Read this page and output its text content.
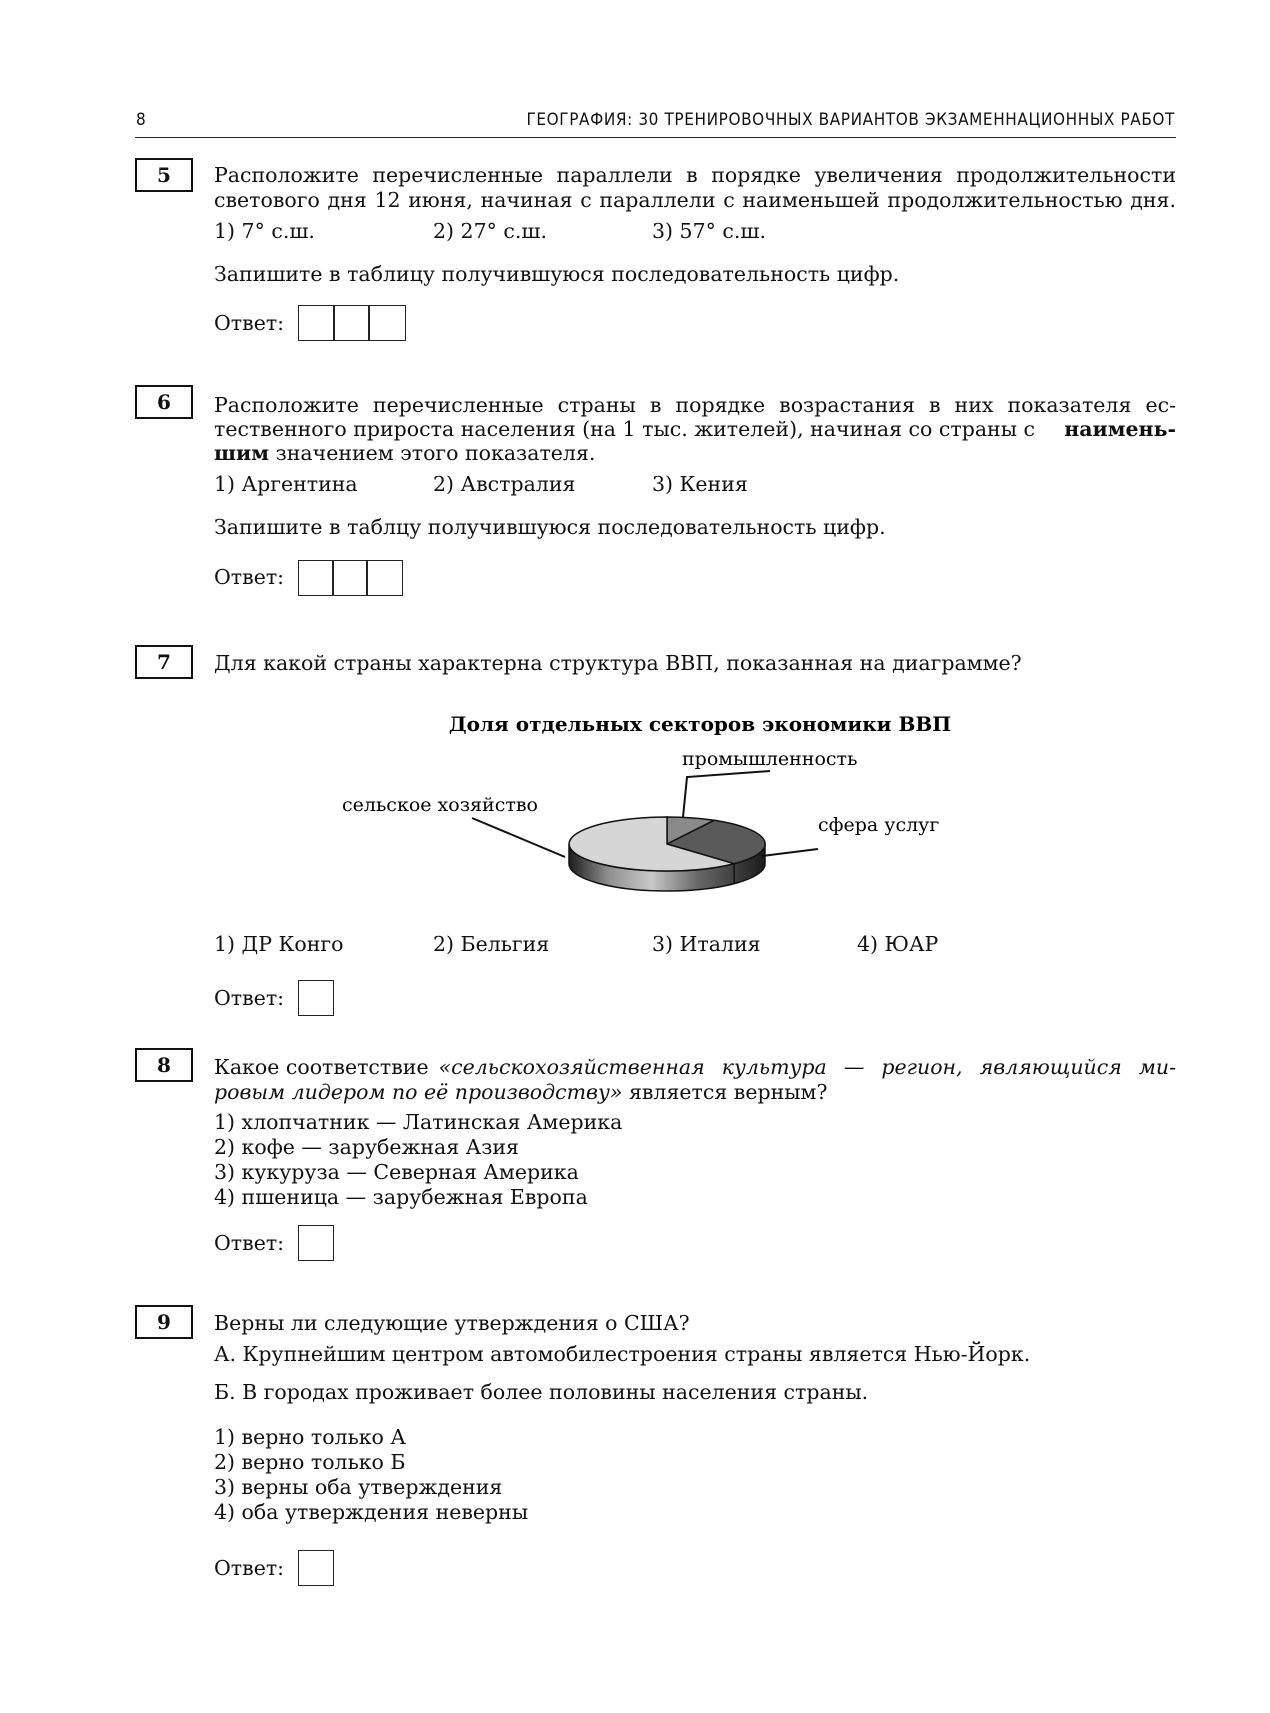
8	ГЕОГРАФИЯ: 30 ТРЕНИРОВОЧНЫХ ВАРИАНТОВ ЭКЗАМЕННАЦИОННЫХ РАБОТ
5	Расположите перечисленные параллели в порядке увеличения продолжительности
светового дня 12 июня, начиная с параллели с наименьшей продолжительностью дня.
1) 7° с.ш.	2) 27° с.ш.	3) 57° с.ш.
Запишите в таблицу получившуюся последовательность цифр.
Ответ:
6	Расположите перечисленные страны в порядке возрастания в них показателя ес-
тественного прироста населения (на 1 тыс. жителей), начиная со страны с наимень-
шим значением этого показателя.
1) Аргентина	2) Австралия	3) Кения
Запишите в таблцу получившуюся последовательность цифр.
Ответ:
7	Для какой страны характерна структура ВВП, показанная на диаграмме?
Доля отдельных секторов экономики ВВП
промышленность
сфера услуг
сельское хозяйство
1) ДР Конго	2) Бельгия	3) Италия	4) ЮАР
Ответ:
8	Какое соответствие «сельскохозяйственная культура — регион, являющийся ми-
ровым лидером по её производству» является верным?
1) хлопчатник — Латинская Америка
2) кофе — зарубежная Азия
3) кукуруза — Северная Америка
4) пшеница — зарубежная Европа
Ответ:
9	Верны ли следующие утверждения о США?
А. Крупнейшим центром автомобилестроения страны является Нью-Йорк.
Б. В городах проживает более половины населения страны.
1) верно только А
2) верно только Б
3) верны оба утверждения
4) оба утверждения неверны
Ответ:
